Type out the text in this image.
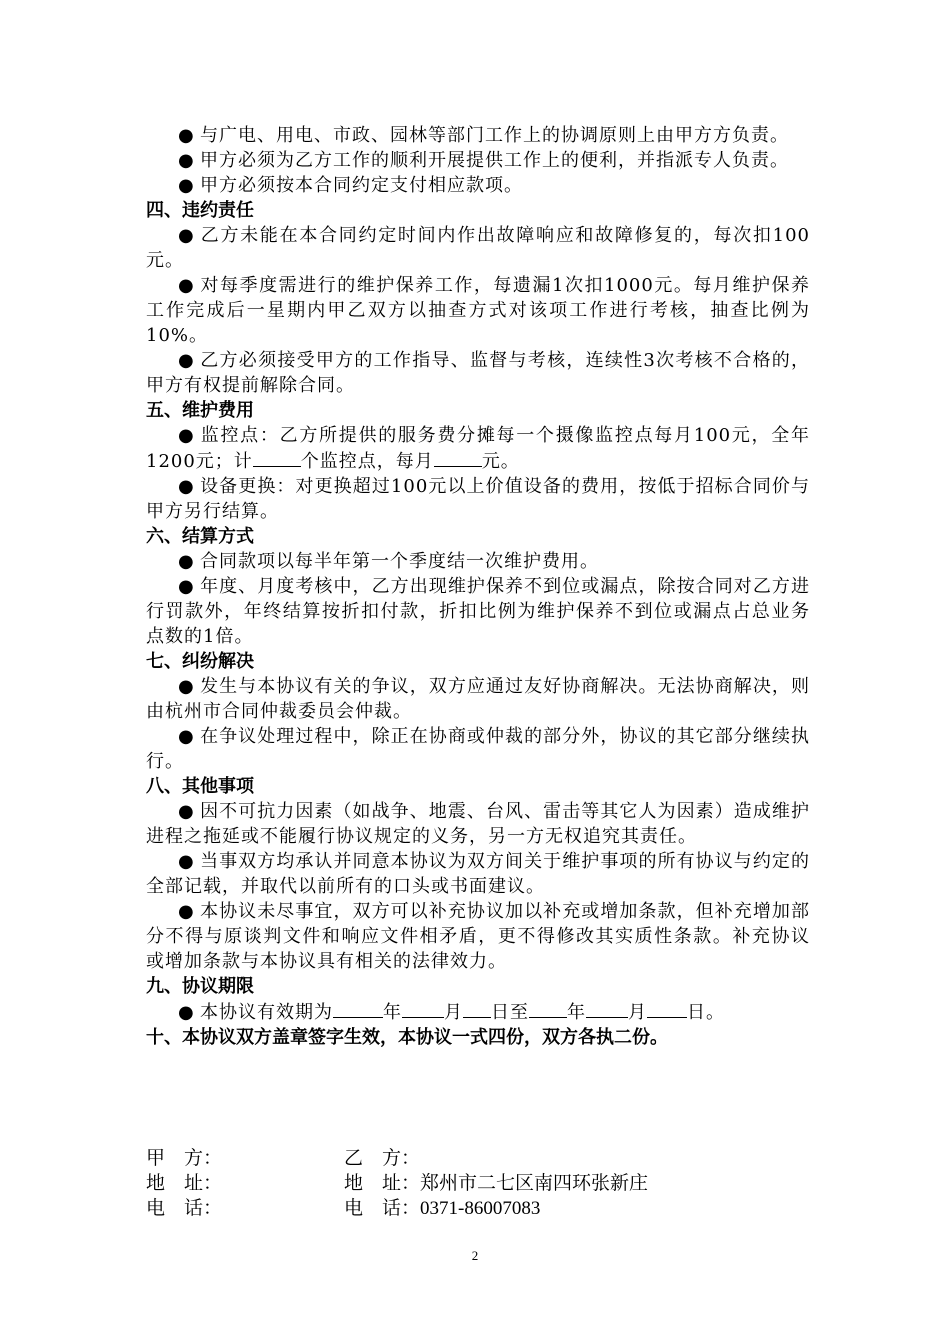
● 与广电、用电、市政、园林等部门工作上的协调原则上由甲方方负责。

● 甲方必须为乙方工作的顺利开展提供工作上的便利，并指派专人负责。

● 甲方必须按本合同约定支付相应款项。

四、违约责任

● 乙方未能在本合同约定时间内作出故障响应和故障修复的，每次扣100元。

● 对每季度需进行的维护保养工作，每遗漏1次扣1000元。每月维护保养工作完成后一星期内甲乙双方以抽查方式对该项工作进行考核，抽查比例为10%。

● 乙方必须接受甲方的工作指导、监督与考核，连续性3次考核不合格的，甲方有权提前解除合同。

五、维护费用

● 监控点：乙方所提供的服务费分摊每一个摄像监控点每月100元，全年1200元；计	个监控点，每月	元。

● 设备更换：对更换超过100元以上价值设备的费用，按低于招标合同价与甲方另行结算。

六、结算方式

● 合同款项以每半年第一个季度结一次维护费用。

● 年度、月度考核中，乙方出现维护保养不到位或漏点，除按合同对乙方进行罚款外，年终结算按折扣付款，折扣比例为维护保养不到位或漏点占总业务点数的1倍。

七、纠纷解决

● 发生与本协议有关的争议，双方应通过友好协商解决。无法协商解决，则由杭州市合同仲裁委员会仲裁。

● 在争议处理过程中，除正在协商或仲裁的部分外，协议的其它部分继续执行。

八、其他事项

● 因不可抗力因素（如战争、地震、台风、雷击等其它人为因素）造成维护进程之拖延或不能履行协议规定的义务，另一方无权追究其责任。

● 当事双方均承认并同意本协议为双方间关于维护事项的所有协议与约定的全部记载，并取代以前所有的口头或书面建议。

● 本协议未尽事宜，双方可以补充协议加以补充或增加条款，但补充增加部分不得与原谈判文件和响应文件相矛盾，更不得修改其实质性条款。补充协议或增加条款与本协议具有相关的法律效力。

九、协议期限

● 本协议有效期为	年 月 日至 年 月 日。

十、本协议双方盖章签字生效，本协议一式四份，双方各执二份。

甲　方：	乙　方：
地　址：	地　址：郑州市二七区南四环张新庄
电　话：	电　话：0371-86007083
2
